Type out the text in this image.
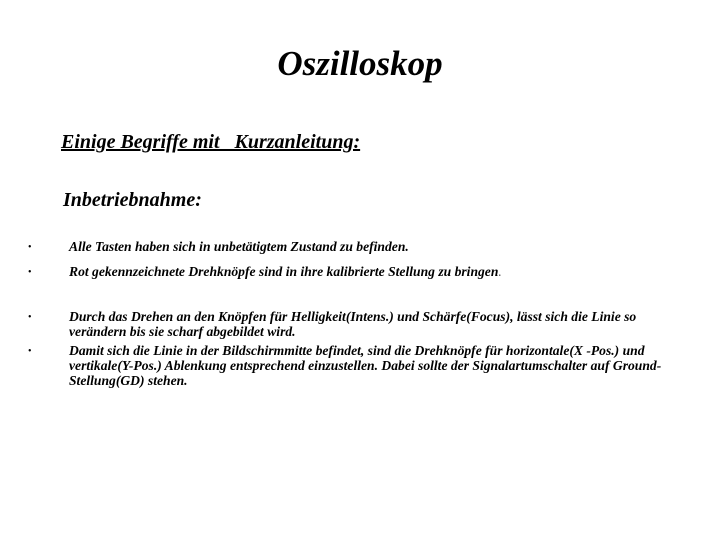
Oszilloskop
Einige Begriffe mit   Kurzanleitung:
Inbetriebnahme:
•	Alle Tasten haben sich in unbetätigtem Zustand zu befinden.
•	Rot gekennzeichnete Drehknöpfe sind in ihre kalibrierte Stellung zu bringen.
•	Durch das Drehen an den Knöpfen für Helligkeit(Intens.) und Schärfe(Focus), lässt sich die Linie so verändern bis sie scharf abgebildet wird.
•	Damit sich die Linie in der Bildschirmmitte befindet, sind die Drehknöpfe für horizontale(X -Pos.) und vertikale(Y-Pos.) Ablenkung entsprechend einzustellen. Dabei sollte der Signalartumschalter auf Ground-Stellung(GD) stehen.
